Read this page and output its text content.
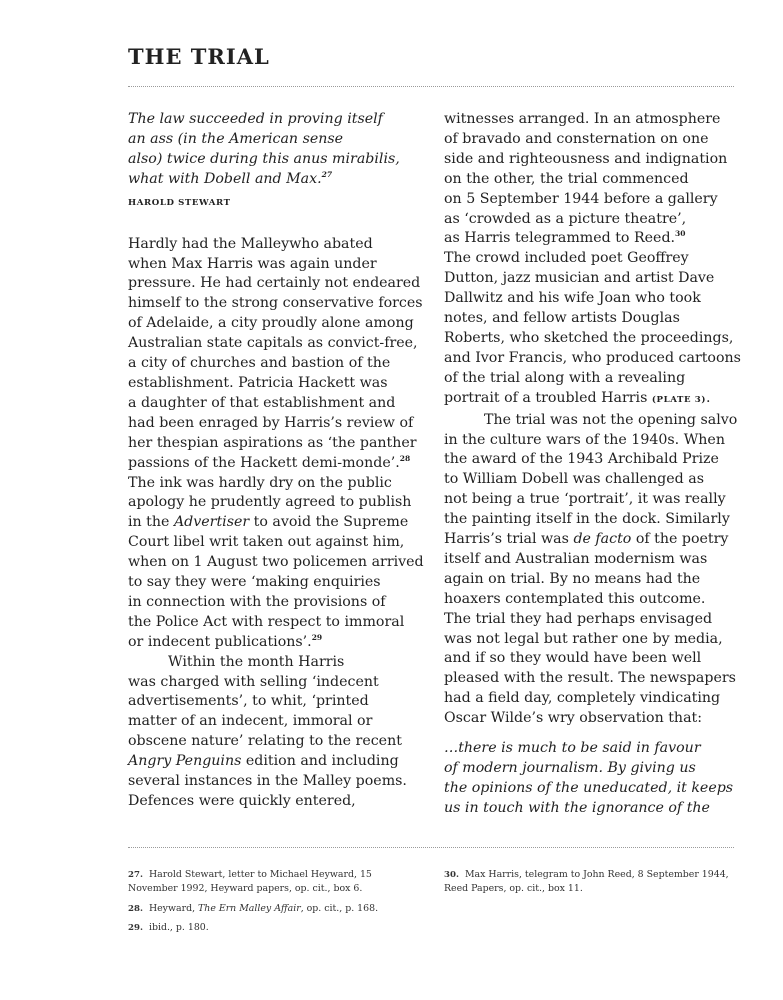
THE TRIAL
The law succeeded in proving itself
an ass (in the American sense
also) twice during this anus mirabilis,
what with Dobell and Max.$^{27}$
HAROLD STEWART
Hardly had the Malleywho abated
when Max Harris was again under
pressure. He had certainly not endeared
himself to the strong conservative forces
of Adelaide, a city proudly alone among
Australian state capitals as convict-free,
a city of churches and bastion of the
establishment. Patricia Hackett was
a daughter of that establishment and
had been enraged by Harris’s review of
her thespian aspirations as ‘the panther
passions of the Hackett demi-monde’.$^{28}$
The ink was hardly dry on the public
apology he prudently agreed to publish
in the Advertiser to avoid the Supreme
Court libel writ taken out against him,
when on 1 August two policemen arrived
to say they were ‘making enquiries
in connection with the provisions of
the Police Act with respect to immoral
or indecent publications’.$^{29}$
Within the month Harris
was charged with selling ‘indecent
advertisements’, to whit, ‘printed
matter of an indecent, immoral or
obscene nature’ relating to the recent
Angry Penguins edition and including
several instances in the Malley poems.
Defences were quickly entered,
witnesses arranged. In an atmosphere
of bravado and consternation on one
side and righteousness and indignation
on the other, the trial commenced
on 5 September 1944 before a gallery
as ‘crowded as a picture theatre’,
as Harris telegrammed to Reed.$^{30}$
The crowd included poet Geoffrey
Dutton, jazz musician and artist Dave
Dallwitz and his wife Joan who took
notes, and fellow artists Douglas
Roberts, who sketched the proceedings,
and Ivor Francis, who produced cartoons
of the trial along with a revealing
portrait of a troubled Harris (PLATE 3).
The trial was not the opening salvo
in the culture wars of the 1940s. When
the award of the 1943 Archibald Prize
to William Dobell was challenged as
not being a true ‘portrait’, it was really
the painting itself in the dock. Similarly
Harris’s trial was de facto of the poetry
itself and Australian modernism was
again on trial. By no means had the
hoaxers contemplated this outcome.
The trial they had perhaps envisaged
was not legal but rather one by media,
and if so they would have been well
pleased with the result. The newspapers
had a field day, completely vindicating
Oscar Wilde’s wry observation that:
…there is much to be said in favour
of modern journalism. By giving us
the opinions of the uneducated, it keeps
us in touch with the ignorance of the
27. Harold Stewart, letter to Michael Heyward, 15
November 1992, Heyward papers, op. cit., box 6.
28. Heyward, The Ern Malley Affair, op. cit., p. 168.
29. ibid., p. 180.
30. Max Harris, telegram to John Reed, 8 September 1944,
Reed Papers, op. cit., box 11.
